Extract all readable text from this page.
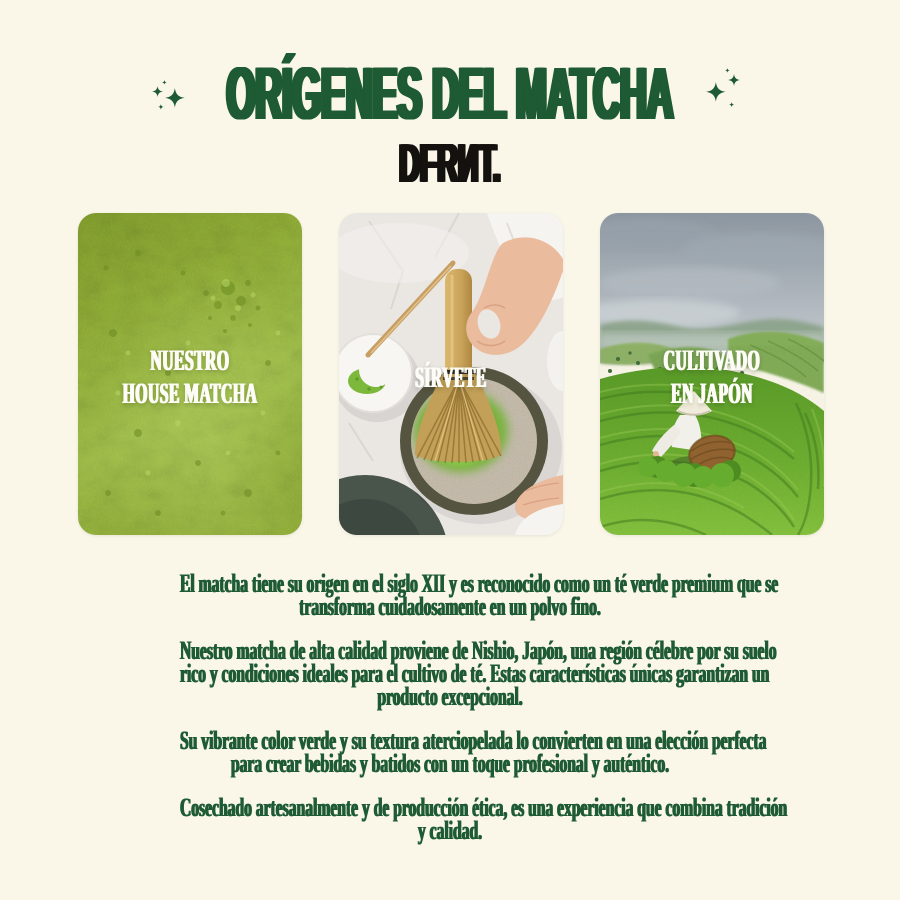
ORÍGENES DEL MATCHA
DFRИT.
NUESTRO
HOUSE MATCHA	SÍRVETE	CULTIVADO
EN JAPÓN

El matcha tiene su origen en el siglo XII y es reconocido como un té verde premium que se
transforma cuidadosamente en un polvo fino.

Nuestro matcha de alta calidad proviene de Nishio, Japón, una región célebre por su suelo
rico y condiciones ideales para el cultivo de té. Estas características únicas garantizan un
producto excepcional.

Su vibrante color verde y su textura aterciopelada lo convierten en una elección perfecta
para crear bebidas y batidos con un toque profesional y auténtico.

Cosechado artesanalmente y de producción ética, es una experiencia que combina tradición
y calidad.
